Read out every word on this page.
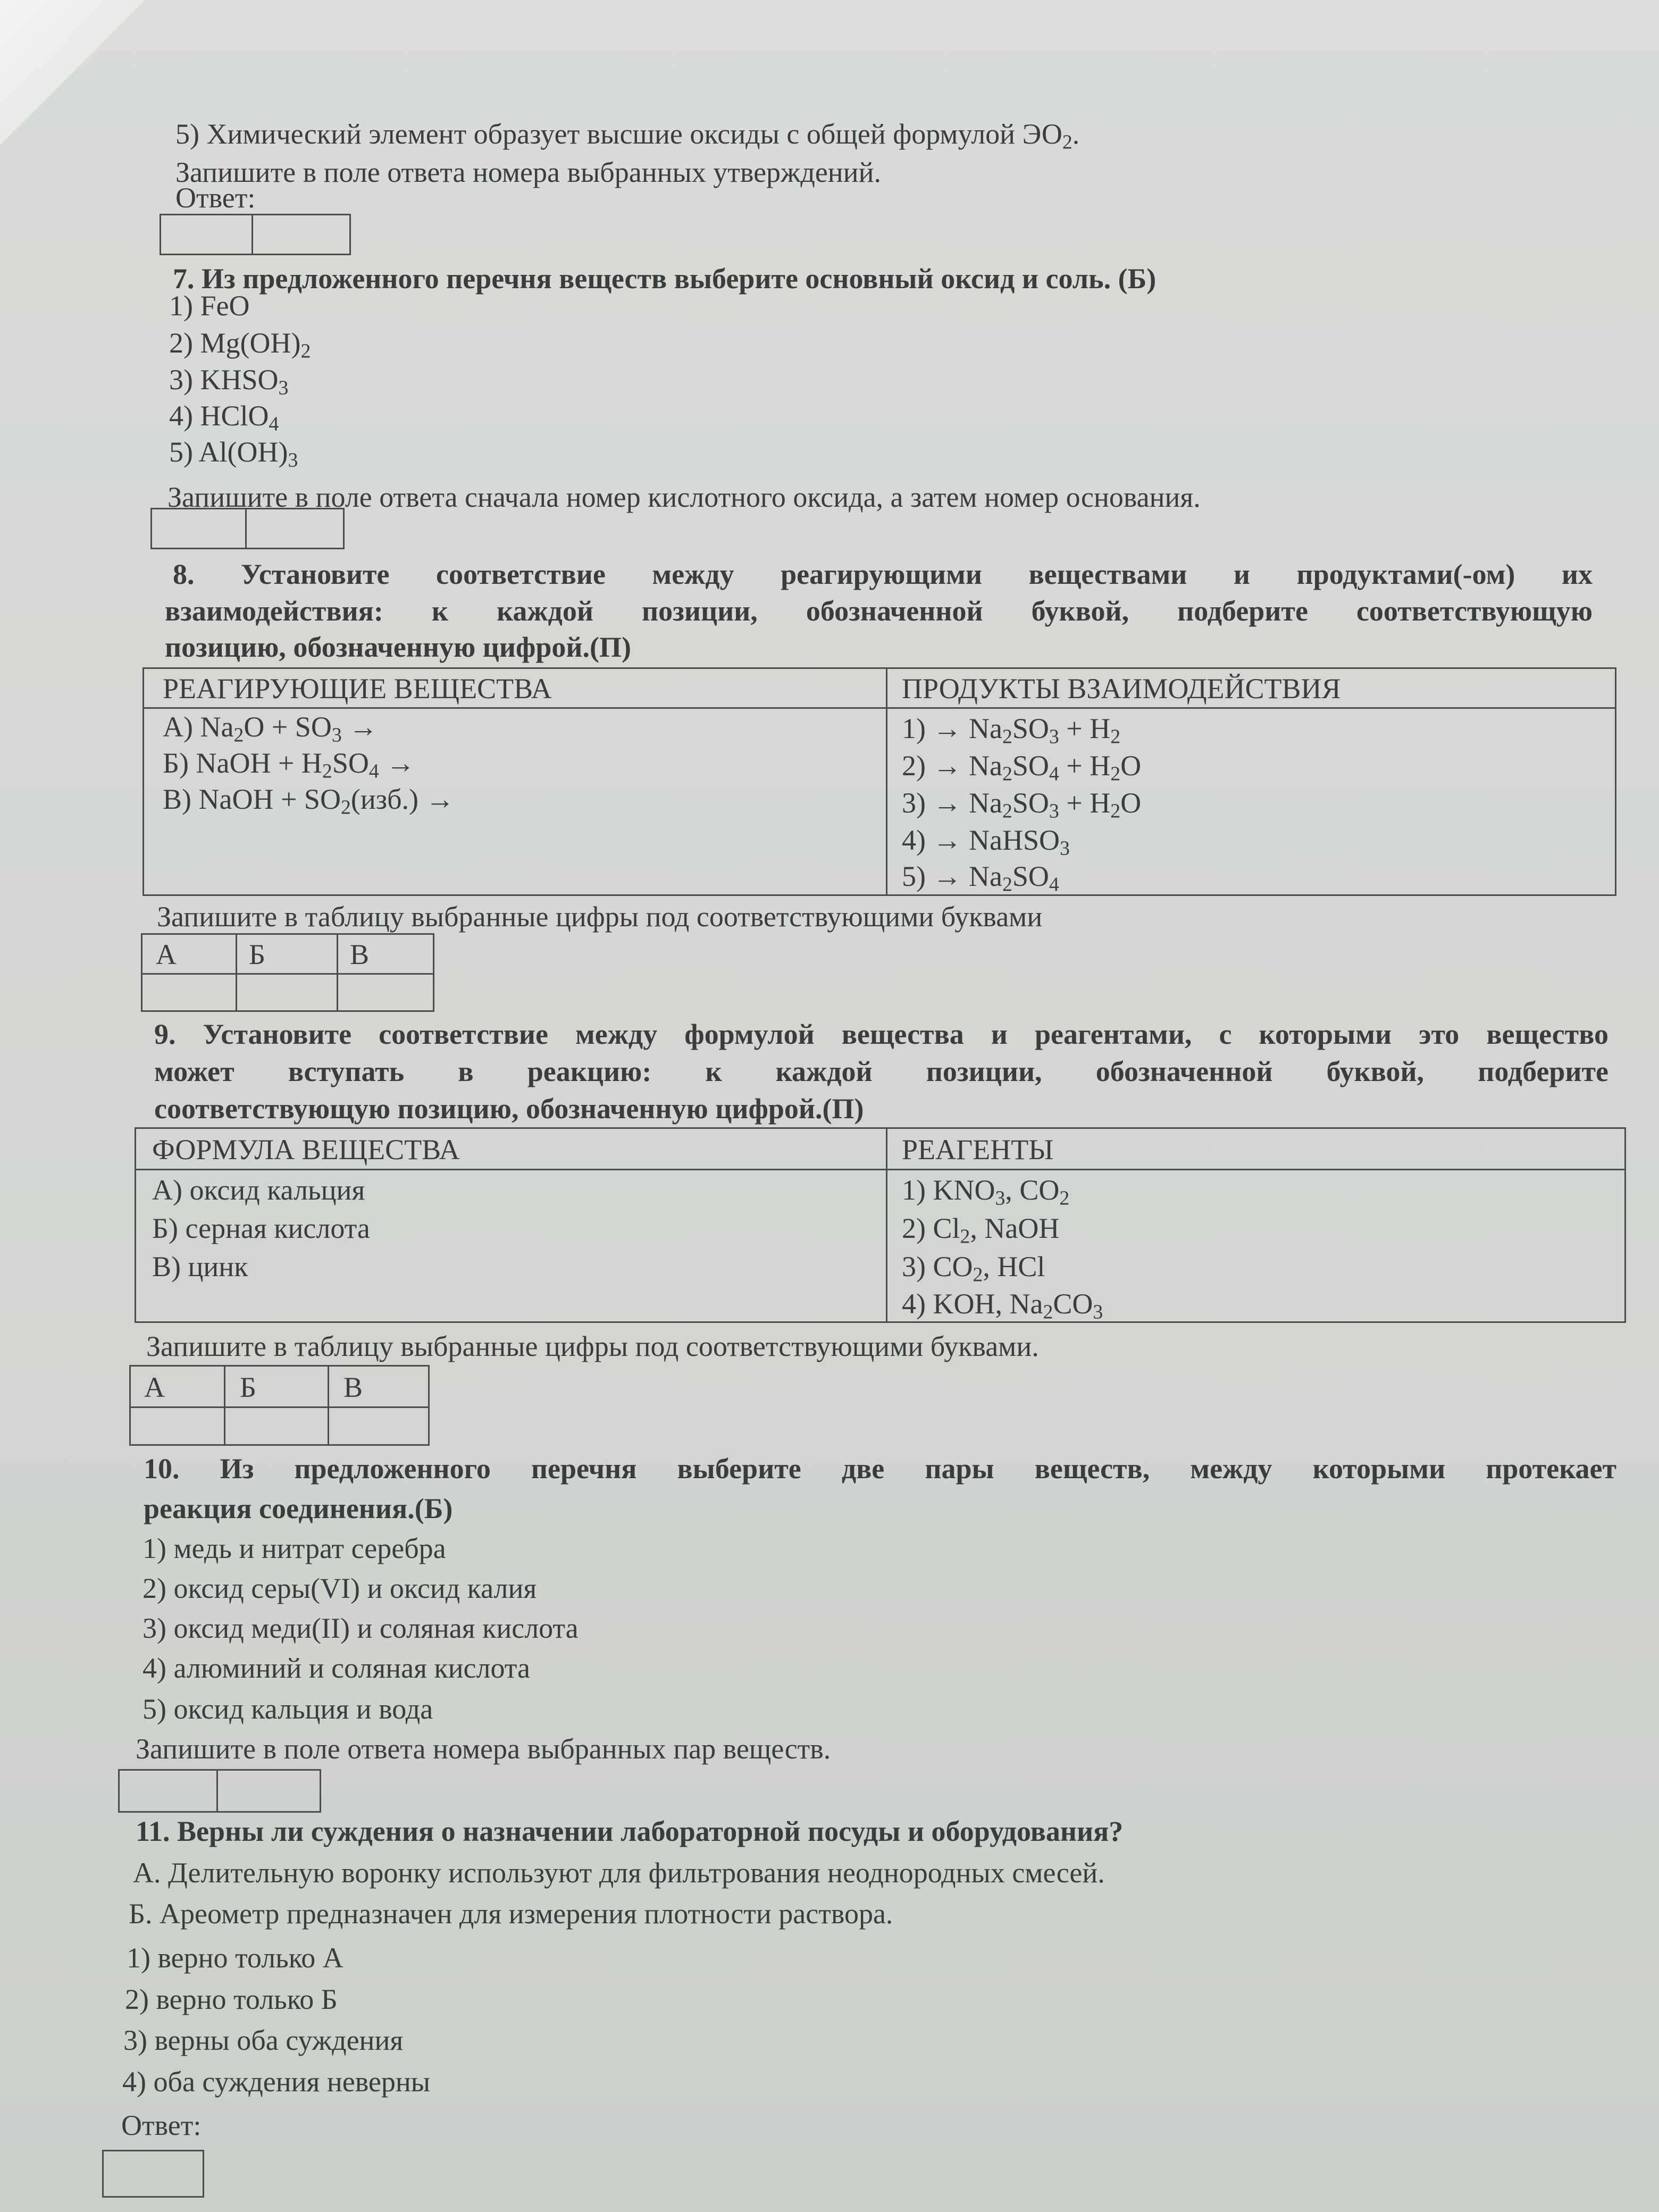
5) Химический элемент образует высшие оксиды с общей формулой $ЭО_2$.
Запишите в поле ответа номера выбранных утверждений.
Ответ:
7. Из предложенного перечня веществ выберите основный оксид и соль. (Б)
1) FeO
2) $Mg(OH)_2$
3) $KHSO_3$
4) HClO$_4$
5) $Al(OH)_3$
Запишите в поле ответа сначала номер кислотного оксида, а затем номер основания.
8. Установите соответствие между реагирующими веществами и продуктами(-ом) их
взаимодействия: к каждой позиции, обозначенной буквой, подберите соответствующую
позицию, обозначенную цифрой.(П)
РЕАГИРУЮЩИЕ ВЕЩЕСТВА	ПРОДУКТЫ ВЗАИМОДЕЙСТВИЯ
А) $Na_2O + SO_3$ →
Б) NaOH + $H_2SO_4$ →
В) NaOH + $SO_2(изб.)$ →
$1) \to Na_2SO_3 + H_2$
$2) \to Na_2SO_4 + H_2O$
$3) \to Na_2SO_3 + H_2O$
4) → NaHSO$_3$
$5) \to Na_2SO_4$
Запишите в таблицу выбранные цифры под соответствующими буквами
А	Б	В
9. Установите соответствие между формулой вещества и реагентами, с которыми это вещество
может вступать в реакцию: к каждой позиции, обозначенной буквой, подберите
соответствующую позицию, обозначенную цифрой.(П)
ФОРМУЛА ВЕЩЕСТВА	РЕАГЕНТЫ
А) оксид кальция
Б) серная кислота
В) цинк
1) $KNO_3$, $CO_2$
2) $Cl_2$, NaOH
3) $CO_2$, HCl
4) KOH, $Na_2CO_3$
Запишите в таблицу выбранные цифры под соответствующими буквами.
А	Б	В
10. Из предложенного перечня выберите две пары веществ, между которыми протекает
реакция соединения.(Б)
1) медь и нитрат серебра
2) оксид серы(VI) и оксид калия
3) оксид меди(II) и соляная кислота
4) алюминий и соляная кислота
5) оксид кальция и вода
Запишите в поле ответа номера выбранных пар веществ.
11. Верны ли суждения о назначении лабораторной посуды и оборудования?
А. Делительную воронку используют для фильтрования неоднородных смесей.
Б. Ареометр предназначен для измерения плотности раствора.
1) верно только А
2) верно только Б
3) верны оба суждения
4) оба суждения неверны
Ответ:
